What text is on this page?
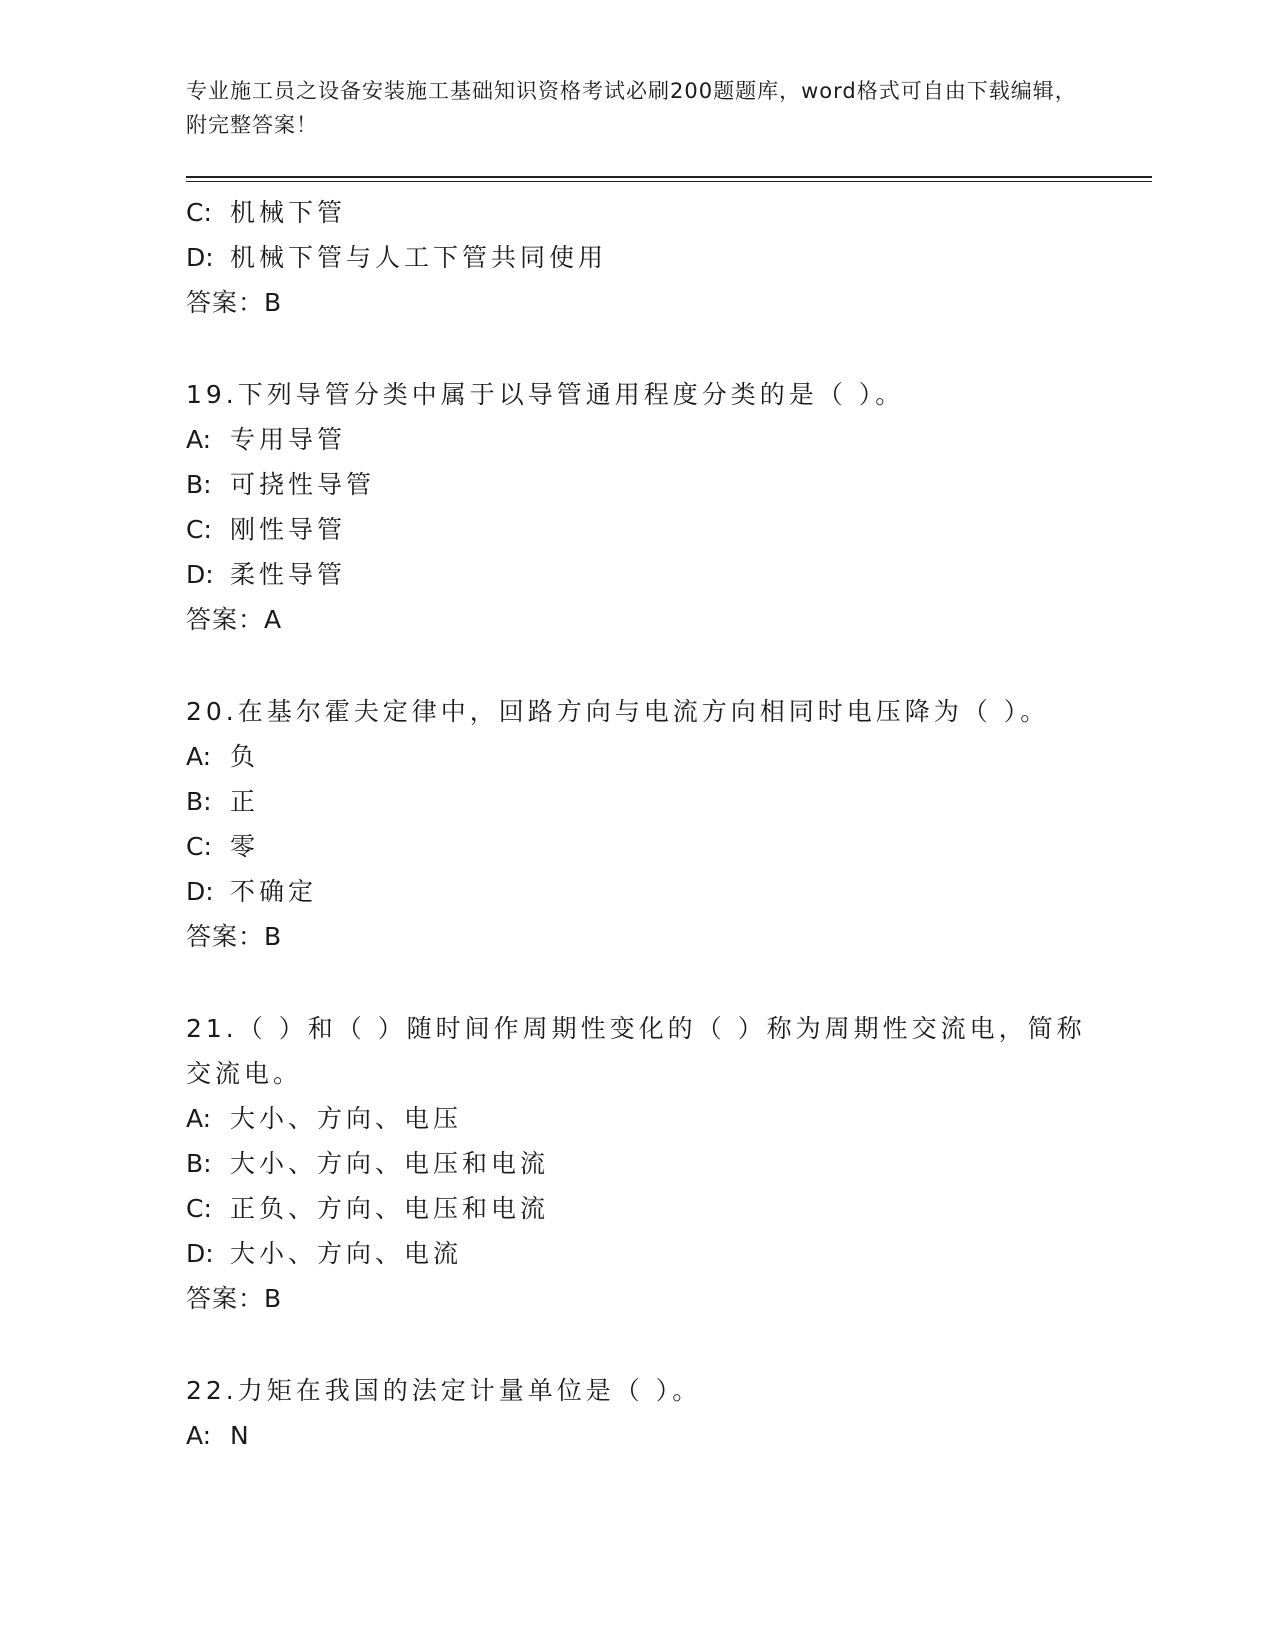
专业施工员之设备安装施工基础知识资格考试必刷200题题库，word格式可自由下载编辑，附完整答案！
C: 机械下管
D: 机械下管与人工下管共同使用
答案：B
19.下列导管分类中属于以导管通用程度分类的是（ ）。
A: 专用导管
B: 可挠性导管
C: 刚性导管
D: 柔性导管
答案：A
20.在基尔霍夫定律中，回路方向与电流方向相同时电压降为（ ）。
A: 负
B: 正
C: 零
D: 不确定
答案：B
21.（ ）和（ ）随时间作周期性变化的（ ）称为周期性交流电，简称交流电。
A: 大小、方向、电压
B: 大小、方向、电压和电流
C: 正负、方向、电压和电流
D: 大小、方向、电流
答案：B
22.力矩在我国的法定计量单位是（ ）。
A: N
